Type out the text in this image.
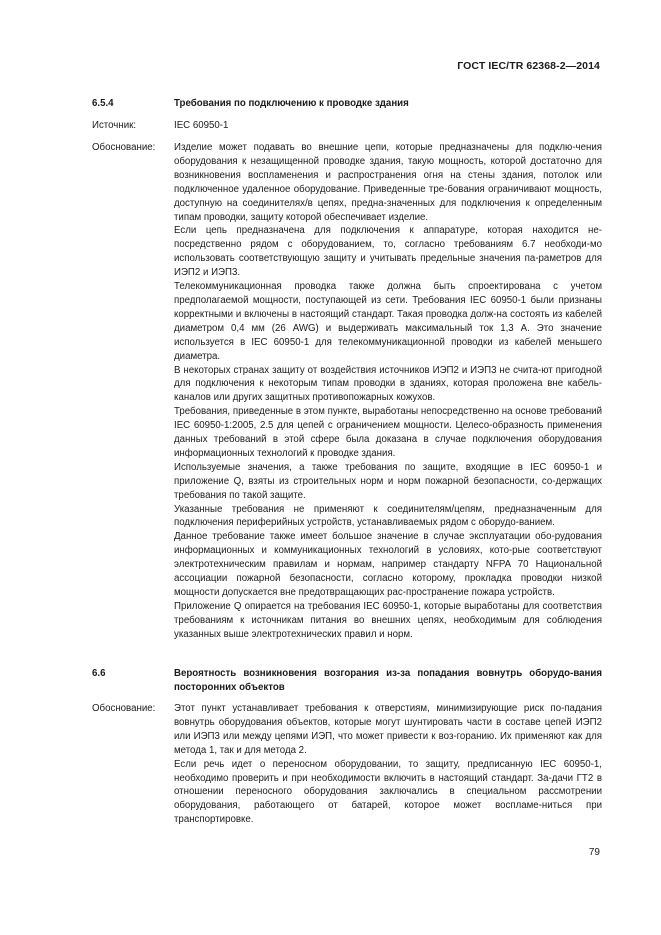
ГОСТ IEC/TR 62368-2—2014
6.5.4	Требования по подключению к проводке здания
Источник:	IEC 60950-1
Обоснование: Изделие может подавать во внешние цепи, которые предназначены для подклю-чения оборудования к незащищенной проводке здания, такую мощность, которой достаточно для возникновения воспламенения и распространения огня на стены здания, потолок или подключенное удаленное оборудование. Приведенные тре-бования ограничивают мощность, доступную на соединителях/в цепях, предна-значенных для подключения к определенным типам проводки, защиту которой обеспечивает изделие.

Если цепь предназначена для подключения к аппаратуре, которая находится не-посредственно рядом с оборудованием, то, согласно требованиям 6.7 необходи-мо использовать соответствующую защиту и учитывать предельные значения па-раметров для ИЭП2 и ИЭП3.

Телекоммуникационная проводка также должна быть спроектирована с учетом предполагаемой мощности, поступающей из сети. Требования IEC 60950-1 были признаны корректными и включены в настоящий стандарт. Такая проводка долж-на состоять из кабелей диаметром 0,4 мм (26 AWG) и выдерживать максимальный ток 1,3 А. Это значение используется в IEC 60950-1 для телекоммуникационной проводки из кабелей меньшего диаметра.

В некоторых странах защиту от воздействия источников ИЭП2 и ИЭП3 не счита-ют пригодной для подключения к некоторым типам проводки в зданиях, которая проложена вне кабель-каналов или других защитных противопожарных кожухов.

Требования, приведенные в этом пункте, выработаны непосредственно на основе требований IEC 60950-1:2005, 2.5 для цепей с ограничением мощности. Целесо-образность применения данных требований в этой сфере была доказана в случае подключения оборудования информационных технологий к проводке здания.

Используемые значения, а также требования по защите, входящие в IEC 60950-1 и приложение Q, взяты из строительных норм и норм пожарной безопасности, со-держащих требования по такой защите.

Указанные требования не применяют к соединителям/цепям, предназначенным для подключения периферийных устройств, устанавливаемых рядом с оборудо-ванием.

Данное требование также имеет большое значение в случае эксплуатации обо-рудования информационных и коммуникационных технологий в условиях, кото-рые соответствуют электротехническим правилам и нормам, например стандарту NFPA 70 Национальной ассоциации пожарной безопасности, согласно которому, прокладка проводки низкой мощности допускается вне предотвращающих рас-пространение пожара устройств.

Приложение Q опирается на требования IEC 60950-1, которые выработаны для соответствия требованиям к источникам питания во внешних цепях, необходимым для соблюдения указанных выше электротехнических правил и норм.

6.6	Вероятность возникновения возгорания из-за попадания вовнутрь оборудо-вания посторонних объектов
Обоснование: Этот пункт устанавливает требования к отверстиям, минимизирующие риск по-падания вовнутрь оборудования объектов, которые могут шунтировать части в составе цепей ИЭП2 или ИЭП3 или между цепями ИЭП, что может привести к воз-горанию. Их применяют как для метода 1, так и для метода 2.

Если речь идет о переносном оборудовании, то защиту, предписанную IEC 60950-1, необходимо проверить и при необходимости включить в настоящий стандарт. За-дачи ГТ2 в отношении переносного оборудования заключались в специальном рассмотрении оборудования, работающего от батарей, которое может воспламе-ниться при транспортировке.

79
